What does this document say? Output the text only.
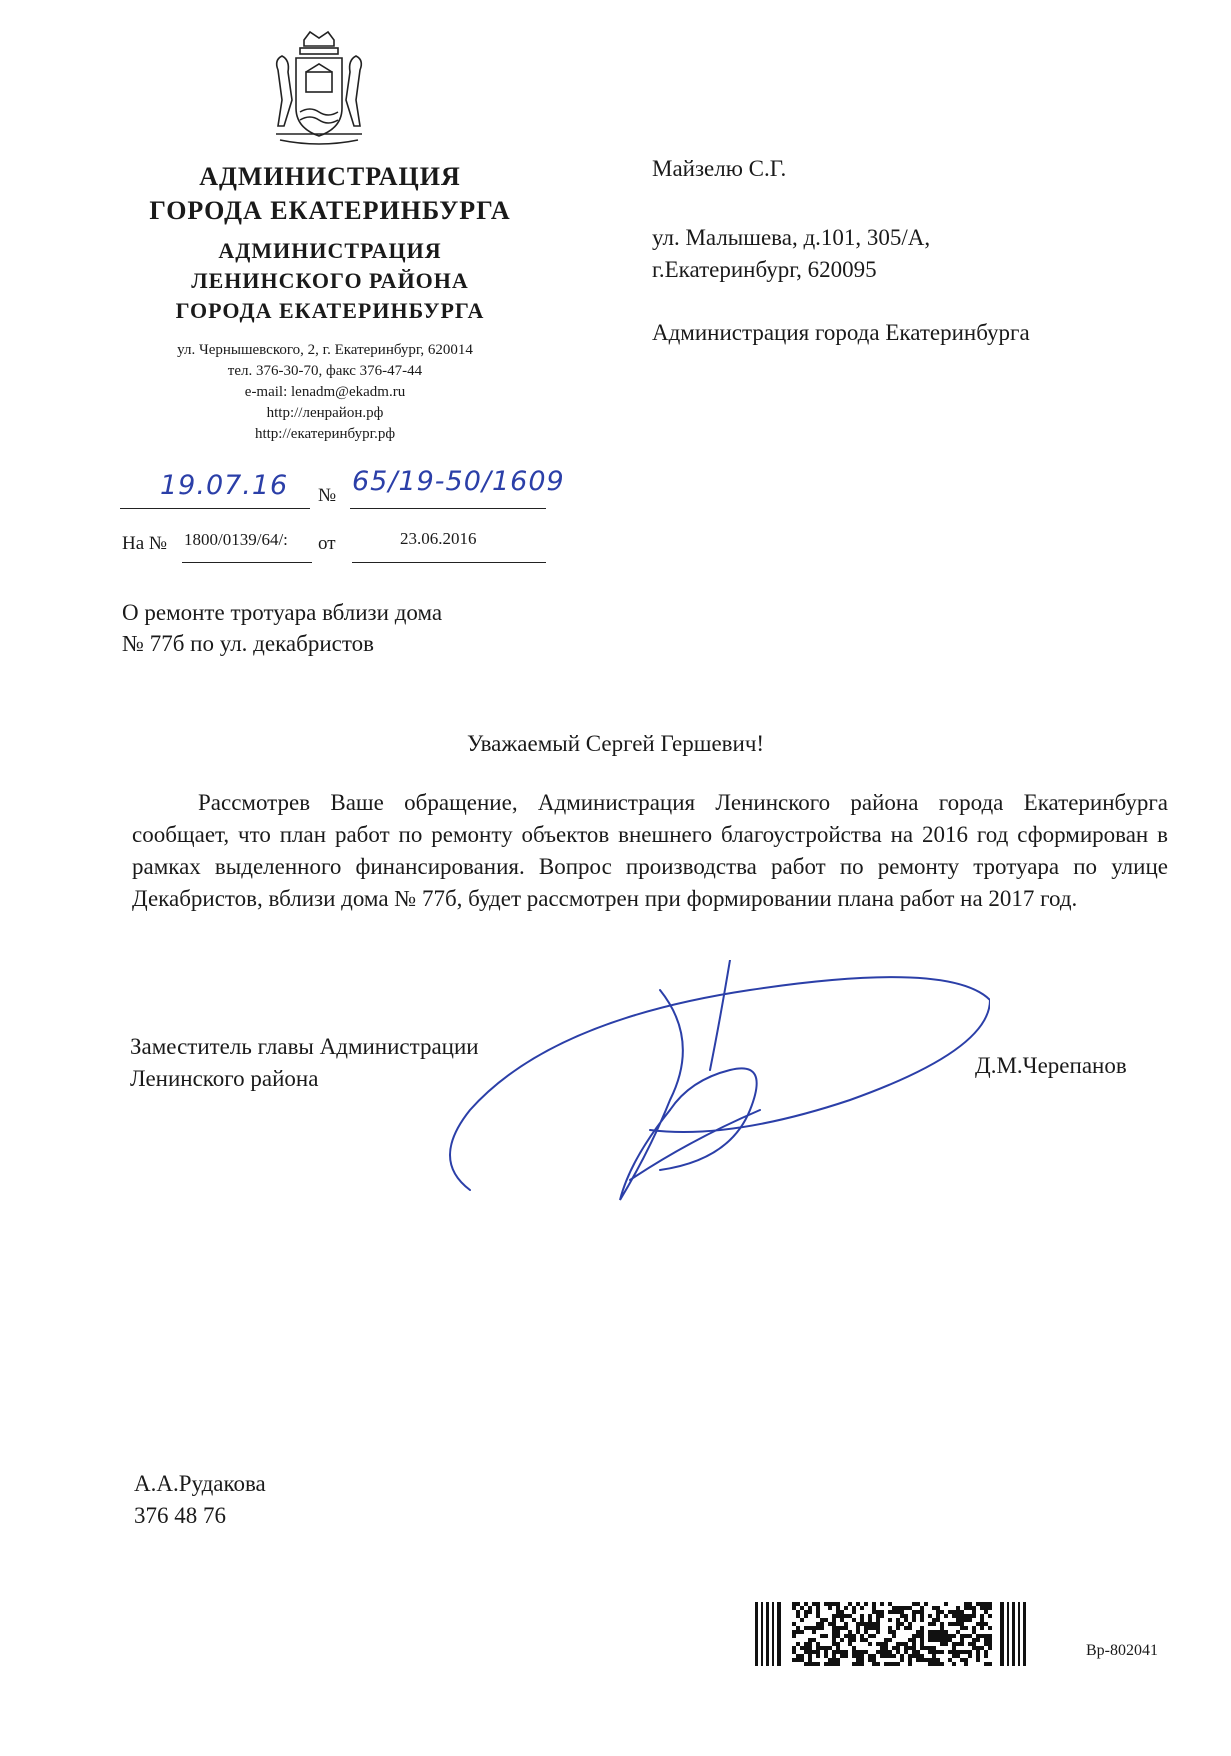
АДМИНИСТРАЦИЯ
ГОРОДА ЕКАТЕРИНБУРГА
АДМИНИСТРАЦИЯ
ЛЕНИНСКОГО РАЙОНА
ГОРОДА ЕКАТЕРИНБУРГА
ул. Чернышевского, 2, г. Екатеринбург, 620014
тел. 376-30-70, факс 376-47-44
e-mail: lenadm@ekadm.ru
http://ленрайон.рф
http://екатеринбург.рф
Майзелю С.Г.
ул. Малышева, д.101, 305/А,
г.Екатеринбург, 620095
Администрация города Екатеринбурга
19.07.16 № 65/19-50/1609
На № 1800/0139/64/: от	23.06.2016
О ремонте тротуара вблизи дома
№ 77б по ул. декабристов
Уважаемый Сергей Гершевич!
Рассмотрев Ваше обращение, Администрация Ленинского района города Екатеринбурга сообщает, что план работ по ремонту объектов внешнего благоустройства на 2016 год сформирован в рамках выделенного финансирования. Вопрос производства работ по ремонту тротуара по улице Декабристов, вблизи дома № 77б, будет рассмотрен при формировании плана работ на 2017 год.
Заместитель главы Администрации
Ленинского района
Д.М.Черепанов
А.А.Рудакова
376 48 76
Вр-802041
